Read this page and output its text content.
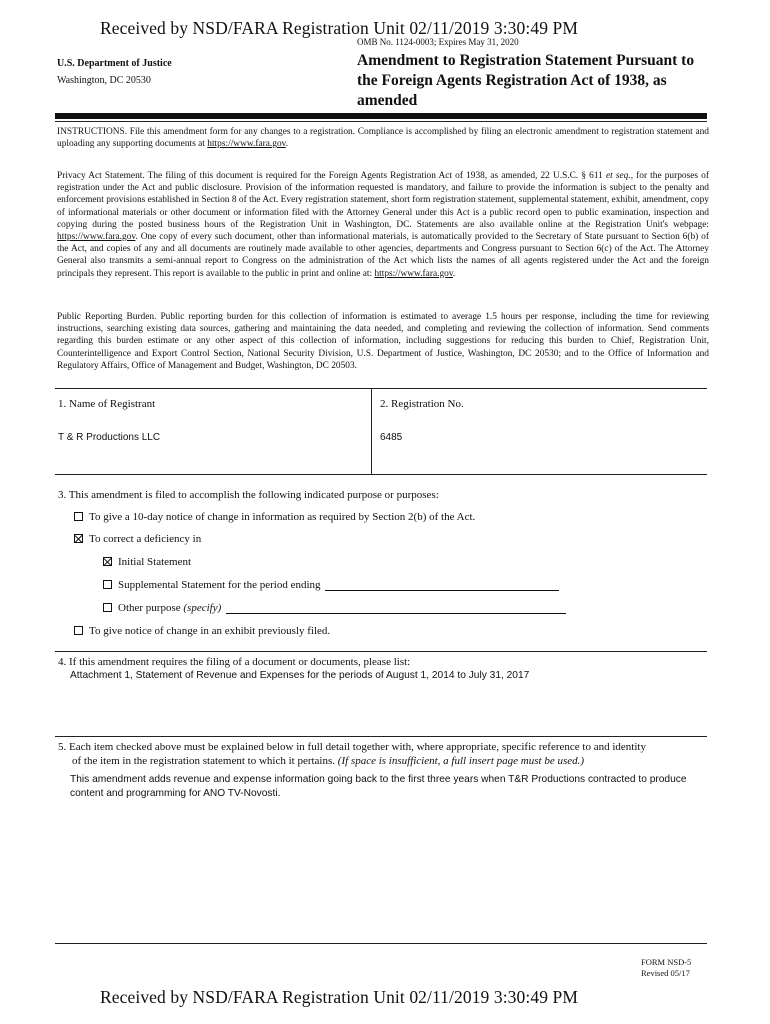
Received by NSD/FARA Registration Unit 02/11/2019 3:30:49 PM
OMB No. 1124-0003; Expires May 31, 2020
U.S. Department of Justice
Washington, DC 20530
Amendment to Registration Statement Pursuant to the Foreign Agents Registration Act of 1938, as amended
INSTRUCTIONS. File this amendment form for any changes to a registration. Compliance is accomplished by filing an electronic amendment to registration statement and uploading any supporting documents at https://www.fara.gov.
Privacy Act Statement. The filing of this document is required for the Foreign Agents Registration Act of 1938, as amended, 22 U.S.C. § 611 et seq., for the purposes of registration under the Act and public disclosure. Provision of the information requested is mandatory, and failure to provide the information is subject to the penalty and enforcement provisions established in Section 8 of the Act. Every registration statement, short form registration statement, supplemental statement, exhibit, amendment, copy of informational materials or other document or information filed with the Attorney General under this Act is a public record open to public examination, inspection and copying during the posted business hours of the Registration Unit in Washington, DC. Statements are also available online at the Registration Unit's webpage: https://www.fara.gov. One copy of every such document, other than informational materials, is automatically provided to the Secretary of State pursuant to Section 6(b) of the Act, and copies of any and all documents are routinely made available to other agencies, departments and Congress pursuant to Section 6(c) of the Act. The Attorney General also transmits a semi-annual report to Congress on the administration of the Act which lists the names of all agents registered under the Act and the foreign principals they represent. This report is available to the public in print and online at: https://www.fara.gov.
Public Reporting Burden. Public reporting burden for this collection of information is estimated to average 1.5 hours per response, including the time for reviewing instructions, searching existing data sources, gathering and maintaining the data needed, and completing and reviewing the collection of information. Send comments regarding this burden estimate or any other aspect of this collection of information, including suggestions for reducing this burden to Chief, Registration Unit, Counterintelligence and Export Control Section, National Security Division, U.S. Department of Justice, Washington, DC 20530; and to the Office of Information and Regulatory Affairs, Office of Management and Budget, Washington, DC 20503.
1. Name of Registrant
T & R Productions LLC
2. Registration No.
6485
3. This amendment is filed to accomplish the following indicated purpose or purposes:
To give a 10-day notice of change in information as required by Section 2(b) of the Act.
To correct a deficiency in
Initial Statement
Supplemental Statement for the period ending
Other purpose (specify)
To give notice of change in an exhibit previously filed.
4. If this amendment requires the filing of a document or documents, please list:
Attachment 1, Statement of Revenue and Expenses for the periods of August 1, 2014 to July 31, 2017
5. Each item checked above must be explained below in full detail together with, where appropriate, specific reference to and identity
of the item in the registration statement to which it pertains. (If space is insufficient, a full insert page must be used.)
This amendment adds revenue and expense information going back to the first three years when T&R Productions contracted to produce content and programming for ANO TV-Novosti.
FORM NSD-5
Revised 05/17
Received by NSD/FARA Registration Unit 02/11/2019 3:30:49 PM
